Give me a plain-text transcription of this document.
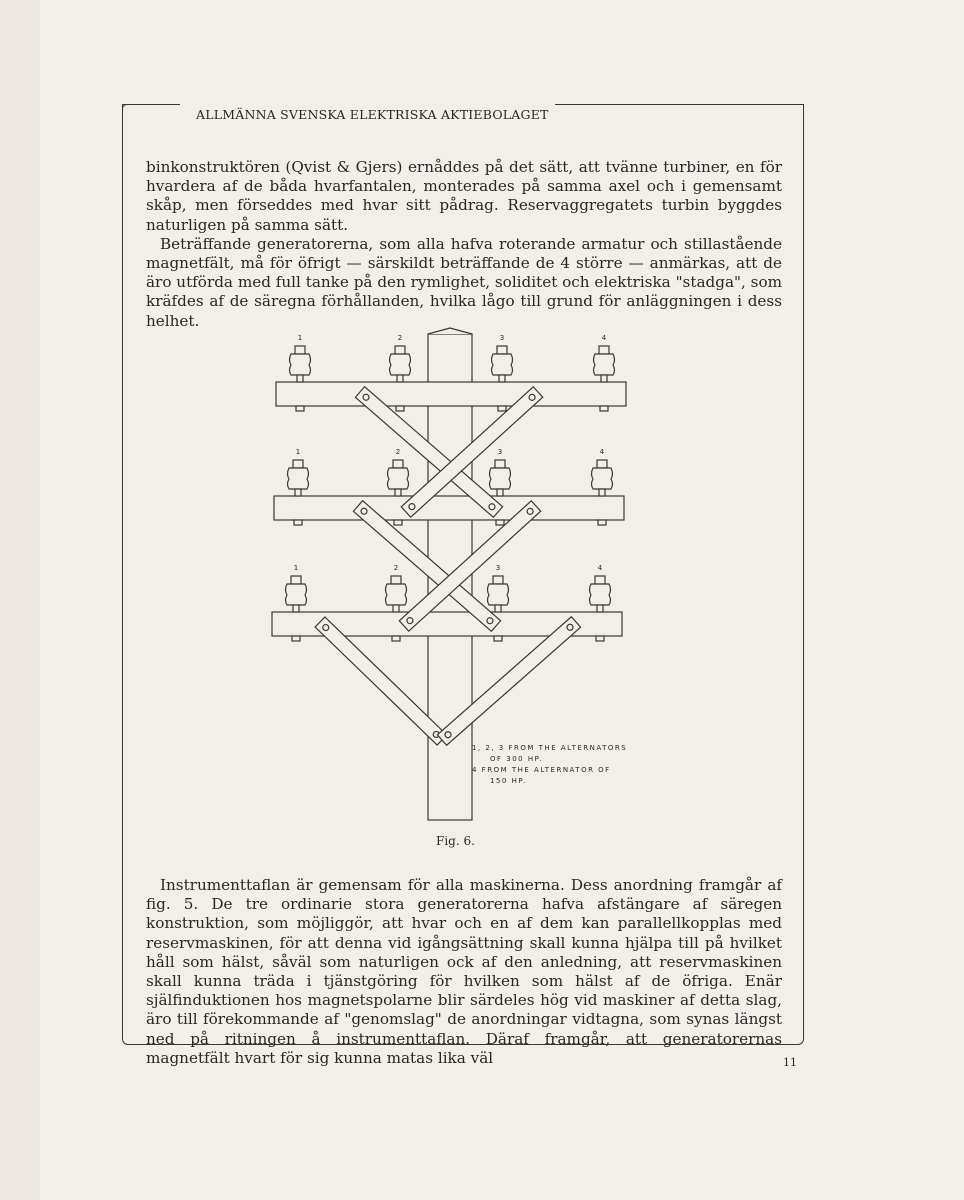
ALLMÄNNA SVENSKA ELEKTRISKA AKTIEBOLAGET

binkonstruktören (Qvist & Gjers) ernåddes på det sätt, att tvänne turbiner, en för hvardera af de båda hvarfantalen, monterades på samma axel och i gemensamt skåp, men förseddes med hvar sitt pådrag. Reservaggregatets turbin byggdes naturligen på samma sätt.

Beträffande generatorerna, som alla hafva roterande armatur och stillastående magnetfält, må för öfrigt — särskildt beträffande de 4 större — anmärkas, att de äro utförda med full tanke på den rymlighet, soliditet och elektriska "stadga", som kräfdes af de säregna förhållanden, hvilka lågo till grund för anläggningen i dess helhet.

1	2	3	4
1	2	3	4
1	2	3	4
1, 2, 3 FROM THE ALTERNATORS
OF 300 HP.
4 FROM THE ALTERNATOR OF
150 HP.
Fig. 6.

Instrumenttaflan är gemensam för alla maskinerna. Dess anordning framgår af fig. 5. De tre ordinarie stora generatorerna hafva afstängare af säregen konstruktion, som möjliggör, att hvar och en af dem kan parallellkopplas med reservmaskinen, för att denna vid igångsättning skall kunna hjälpa till på hvilket håll som hälst, såväl som naturligen ock af den anledning, att reservmaskinen skall kunna träda i tjänstgöring för hvilken som hälst af de öfriga. Enär själfinduktionen hos magnetspolarne blir särdeles hög vid maskiner af detta slag, äro till förekommande af "genomslag" de anordningar vidtagna, som synas längst ned på ritningen å instrumenttaflan. Däraf framgår, att generatorernas magnetfält hvart för sig kunna matas lika väl	11
